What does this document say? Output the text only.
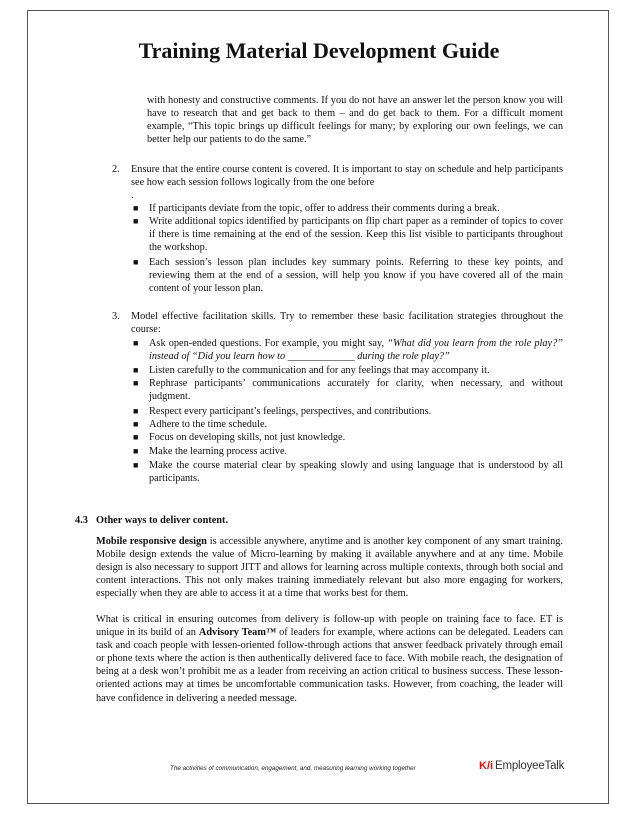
Training Material Development Guide
with honesty and constructive comments. If you do not have an answer let the person know you will have to research that and get back to them – and do get back to them. For a difficult moment example, “This topic brings up difficult feelings for many; by exploring our own feelings, we can better help our patients to do the same.”
2. Ensure that the entire course content is covered. It is important to stay on schedule and help participants see how each session follows logically from the one before
.
■ If participants deviate from the topic, offer to address their comments during a break.
■ Write additional topics identified by participants on flip chart paper as a reminder of topics to cover if there is time remaining at the end of the session. Keep this list visible to participants throughout the workshop.
■ Each session’s lesson plan includes key summary points. Referring to these key points, and reviewing them at the end of a session, will help you know if you have covered all of the main content of your lesson plan.
3. Model effective facilitation skills. Try to remember these basic facilitation strategies throughout the course:
■ Ask open-ended questions. For example, you might say, “What did you learn from the role play?” instead of “Did you learn how to _____________ during the role play?”
■ Listen carefully to the communication and for any feelings that may accompany it.
■ Rephrase participants’ communications accurately for clarity, when necessary, and without judgment.
■ Respect every participant’s feelings, perspectives, and contributions.
■ Adhere to the time schedule.
■ Focus on developing skills, not just knowledge.
■ Make the learning process active.
■ Make the course material clear by speaking slowly and using language that is understood by all participants.
4.3 Other ways to deliver content.
Mobile responsive design is accessible anywhere, anytime and is another key component of any smart training. Mobile design extends the value of Micro-learning by making it available anywhere and at any time. Mobile design is also necessary to support JITT and allows for learning across multiple contexts, through both social and content interactions. This not only makes training immediately relevant but also more engaging for workers, especially when they are able to access it at a time that works best for them.
What is critical in ensuring outcomes from delivery is follow-up with people on training face to face. ET is unique in its build of an Advisory Team™ of leaders for example, where actions can be delegated. Leaders can task and coach people with lessen-oriented follow-through actions that answer feedback privately through email or phone texts where the action is then authentically delivered face to face. With mobile reach, the designation of being at a desk won’t prohibit me as a leader from receiving an action critical to business success. These lesson-oriented actions may at times be uncomfortable communication tasks. However, from coaching, the leader will have confidence in delivering a needed message.
The activities of communication, engagement, and, measuring learning working together	K/i EmployeeTalk
